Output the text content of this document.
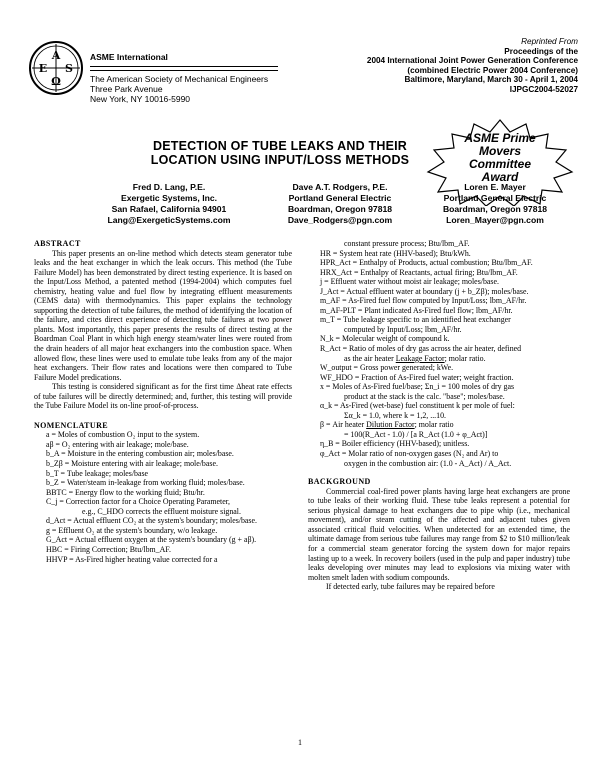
A
E S
Ω
ASME International
The American Society of Mechanical Engineers
Three Park Avenue
New York, NY 10016-5990
Reprinted From
Proceedings of the
2004 International Joint Power Generation Conference
(combined Electric Power 2004 Conference)
Baltimore, Maryland, March 30 - April 1, 2004
IJPGC2004-52027
ASME Prime
Movers
Committee
Award
DETECTION OF TUBE LEAKS AND THEIR
LOCATION USING INPUT/LOSS METHODS
Fred D. Lang, P.E.
Exergetic Systems, Inc.
San Rafael, California 94901
Lang@ExergeticSystems.com
Dave A.T. Rodgers, P.E.
Portland General Electric
Boardman, Oregon 97818
Dave_Rodgers@pgn.com
Loren E. Mayer
Portland General Electric
Boardman, Oregon 97818
Loren_Mayer@pgn.com
ABSTRACT

This paper presents an on-line method which detects steam generator tube leaks and the heat exchanger in which the leak occurs. This method (the Tube Failure Model) has been demonstrated by direct testing experience. It is based on the Input/Loss Method, a patented method (1994-2004) which computes fuel chemistry, heating value and fuel flow by integrating effluent measurements (CEMS data) with thermodynamics. This paper explains the technology supporting the detection of tube failures, the method of identifying the location of the failure, and cites direct experience of detecting tube failures at two power plants. Most importantly, this paper presents the results of direct testing at the Boardman Coal Plant in which high energy steam/water lines were routed from the drain headers of all major heat exchangers into the combustion space. When allowed flow, these lines were used to emulate tube leaks from any of the major heat exchangers. Their flow rates and locations were then compared to Tube Failure Model predications.

This testing is considered significant as for the first time Δheat rate effects of tube failures will be directly determined; and, further, this testing will provide the Tube Failure Model its on-line proof-of-process.

NOMENCLATURE
a = Moles of combustion O₂ input to the system.
aβ = O₂ entering with air leakage; mole/base.
b_A = Moisture in the entering combustion air; moles/base.
b_Zβ = Moisture entering with air leakage; mole/base.
b_T = Tube leakage; moles/base
b_Z = Water/steam in-leakage from working fluid; moles/base.
BBTC = Energy flow to the working fluid; Btu/hr.
C_j = Correction factor for a Choice Operating Parameter,
e.g., C_HDO corrects the effluent moisture signal.
d_Act = Actual effluent CO₂ at the system's boundary; moles/base.
g = Effluent O₂ at the system's boundary, w/o leakage.
G_Act = Actual effluent oxygen at the system's boundary (g + aβ).
HBC = Firing Correction; Btu/lbm_AF.
HHVP = As-Fired higher heating value corrected for a
constant pressure process; Btu/lbm_AF.
HR = System heat rate (HHV-based); Btu/kWh.
HPR_Act = Enthalpy of Products, actual combustion; Btu/lbm_AF.
HRX_Act = Enthalpy of Reactants, actual firing; Btu/lbm_AF.
j = Effluent water without moist air leakage; moles/base.
J_Act = Actual effluent water at boundary (j + b_Zβ); moles/base.
m_AF = As-Fired fuel flow computed by Input/Loss; lbm_AF/hr.
m_AF-PLT = Plant indicated As-Fired fuel flow; lbm_AF/hr.
m_T = Tube leakage specific to an identified heat exchanger
computed by Input/Loss; lbm_AF/hr.
N_k = Molecular weight of compound k.
R_Act = Ratio of moles of dry gas across the air heater, defined
as the air heater Leakage Factor; molar ratio.
W_output = Gross power generated; kWe.
WF_HDO = Fraction of As-Fired fuel water; weight fraction.
x = Moles of As-Fired fuel/base; Σn_i = 100 moles of dry gas
product at the stack is the calc. "base"; moles/base.
α_k = As-Fired (wet-base) fuel constituent k per mole of fuel:
Σα_k = 1.0, where k = 1,2, ...10.
β = Air heater Dilution Factor; molar ratio
= 100(R_Act - 1.0) / [a R_Act (1.0 + φ_Act)]
η_B = Boiler efficiency (HHV-based); unitless.
φ_Act = Molar ratio of non-oxygen gases (N₂ and Ar) to
oxygen in the combustion air: (1.0 - A_Act) / A_Act.
BACKGROUND

Commercial coal-fired power plants having large heat exchangers are prone to tube leaks of their working fluid. These tube leaks represent a potential for serious physical damage to heat exchangers due to pipe whip (i.e., mechanical movement), and/or steam cutting of the affected and adjacent tubes given associated critical fluid velocities. When undetected for an extended time, the ultimate damage from serious tube failures may range from $2 to $10 million/leak for a commercial steam generator forcing the system down for major repairs lasting up to a week. In recovery boilers (used in the pulp and paper industry) tube leaks developing over minutes may lead to explosions via mixing water with molten smelt laden with sodium compounds.

If detected early, tube failures may be repaired before

1
